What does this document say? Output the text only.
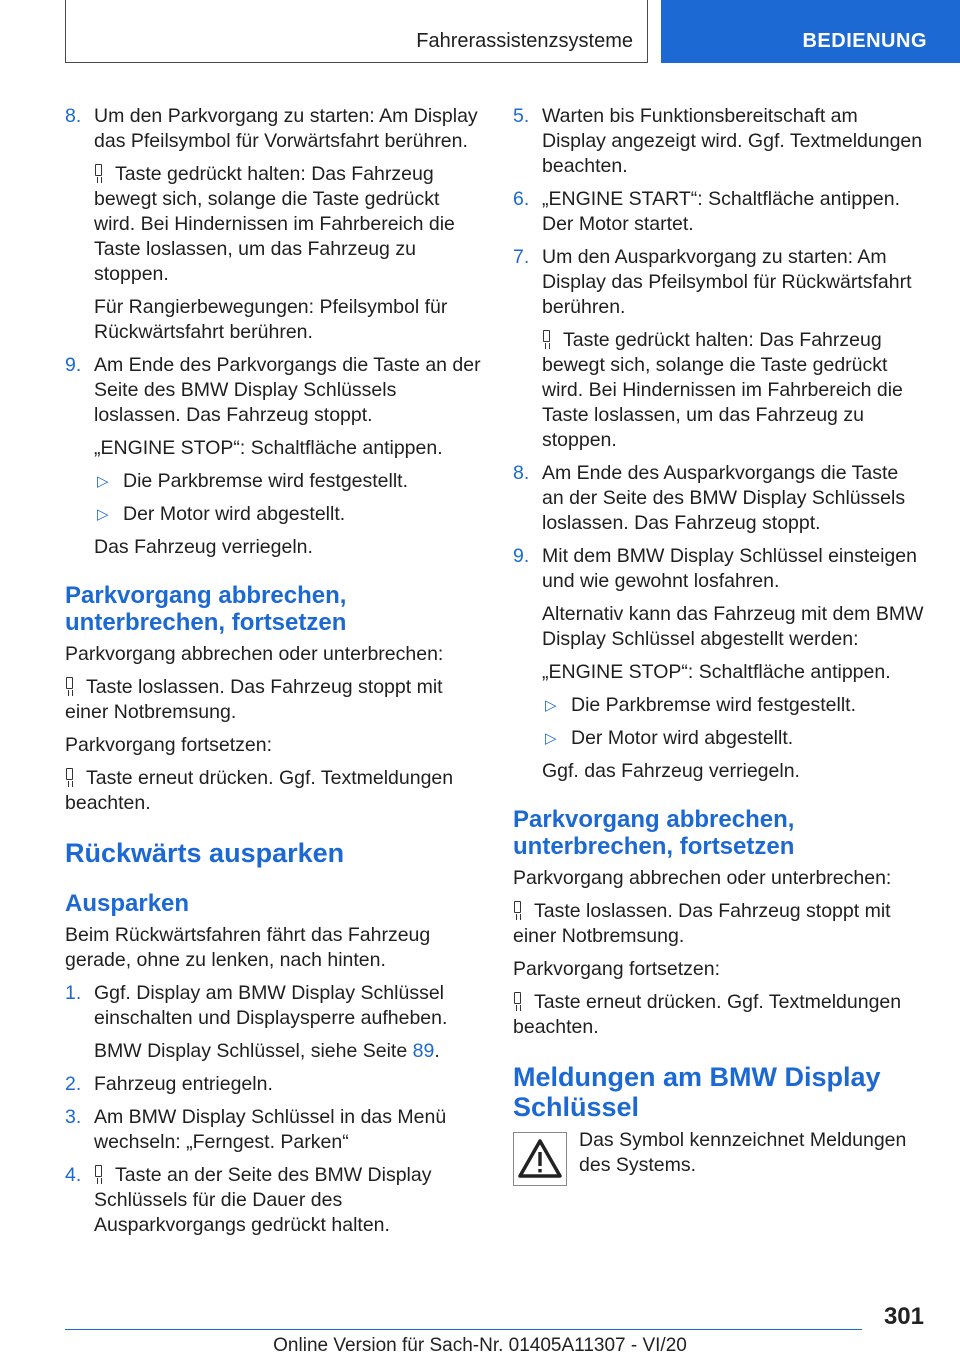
Fahrerassistenzsysteme	BEDIENUNG
8. Um den Parkvorgang zu starten: Am Display das Pfeilsymbol für Vorwärtsfahrt berühren.

Taste gedrückt halten: Das Fahrzeug bewegt sich, solange die Taste gedrückt wird. Bei Hindernissen im Fahrbereich die Taste loslassen, um das Fahrzeug zu stoppen.

Für Rangierbewegungen: Pfeilsymbol für Rückwärtsfahrt berühren.

9. Am Ende des Parkvorgangs die Taste an der Seite des BMW Display Schlüssels loslassen. Das Fahrzeug stoppt.

„ENGINE STOP“: Schaltfläche antippen.

▷ Die Parkbremse wird festgestellt.
▷ Der Motor wird abgestellt.

Das Fahrzeug verriegeln.

Parkvorgang abbrechen, unterbrechen, fortsetzen

Parkvorgang abbrechen oder unterbrechen:

Taste loslassen. Das Fahrzeug stoppt mit einer Notbremsung.

Parkvorgang fortsetzen:

Taste erneut drücken. Ggf. Textmeldungen beachten.

Rückwärts ausparken
Ausparken

Beim Rückwärtsfahren fährt das Fahrzeug gerade, ohne zu lenken, nach hinten.

1. Ggf. Display am BMW Display Schlüssel einschalten und Displaysperre aufheben.

BMW Display Schlüssel, siehe Seite 89.

2. Fahrzeug entriegeln.
3. Am BMW Display Schlüssel in das Menü wechseln: „Ferngest. Parken“
4. Taste an der Seite des BMW Display Schlüssels für die Dauer des Ausparkvorgangs gedrückt halten.
5. Warten bis Funktionsbereitschaft am Display angezeigt wird. Ggf. Textmeldungen beachten.
6. „ENGINE START“: Schaltfläche antippen. Der Motor startet.
7. Um den Ausparkvorgang zu starten: Am Display das Pfeilsymbol für Rückwärtsfahrt berühren.

Taste gedrückt halten: Das Fahrzeug bewegt sich, solange die Taste gedrückt wird. Bei Hindernissen im Fahrbereich die Taste loslassen, um das Fahrzeug zu stoppen.

8. Am Ende des Ausparkvorgangs die Taste an der Seite des BMW Display Schlüssels loslassen. Das Fahrzeug stoppt.
9. Mit dem BMW Display Schlüssel einsteigen und wie gewohnt losfahren.

Alternativ kann das Fahrzeug mit dem BMW Display Schlüssel abgestellt werden:

„ENGINE STOP“: Schaltfläche antippen.

▷ Die Parkbremse wird festgestellt.
▷ Der Motor wird abgestellt.

Ggf. das Fahrzeug verriegeln.

Parkvorgang abbrechen, unterbrechen, fortsetzen

Parkvorgang abbrechen oder unterbrechen:

Taste loslassen. Das Fahrzeug stoppt mit einer Notbremsung.

Parkvorgang fortsetzen:

Taste erneut drücken. Ggf. Textmeldungen beachten.

Meldungen am BMW Display Schlüssel

Das Symbol kennzeichnet Meldungen des Systems.

301
Online Version für Sach-Nr. 01405A11307 - VI/20
